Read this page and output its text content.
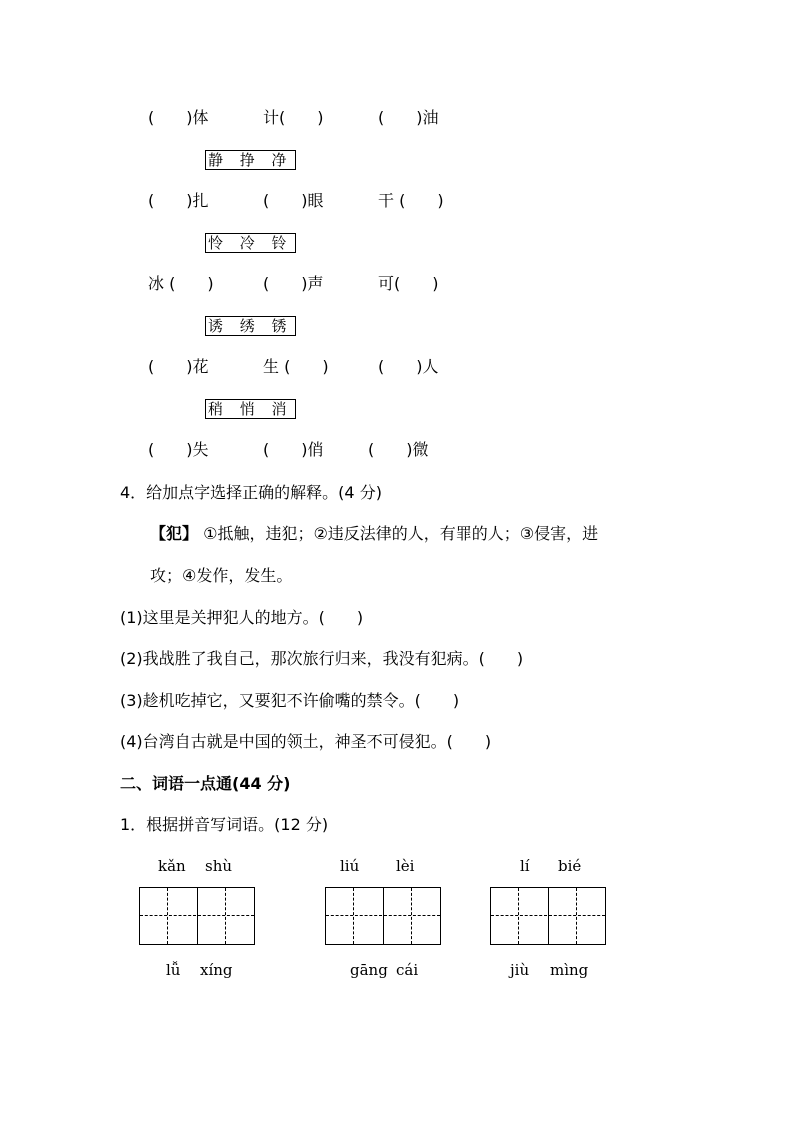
(　　)体	计(　　)	(　　)油
静 挣 净
(　　)扎	(　　)眼	干 (　　)
怜 冷 铃
冰 (　　)	(　　)声	可(　　)
诱 绣 锈
(　　)花	生 (　　)	(　　)人
稍 悄 消
(　　)失	(　　)俏	(　　)微
4．给加点字选择正确的解释。(4 分)
【犯】 ①抵触，违犯；②违反法律的人，有罪的人；③侵害，进
攻；④发作，发生。
(1)这里是关押犯人的地方。(　　)
(2)我战胜了我自己，那次旅行归来，我没有犯病。(　　)
(3)趁机吃掉它，又要犯不许偷嘴的禁令。(　　)
(4)台湾自古就是中国的领土，神圣不可侵犯。(　　)
二、词语一点通(44 分)
1．根据拼音写词语。(12 分)
kǎn shù	liú lèi	lí bié
lǚ xíng	gāng cái	jiù mìng
